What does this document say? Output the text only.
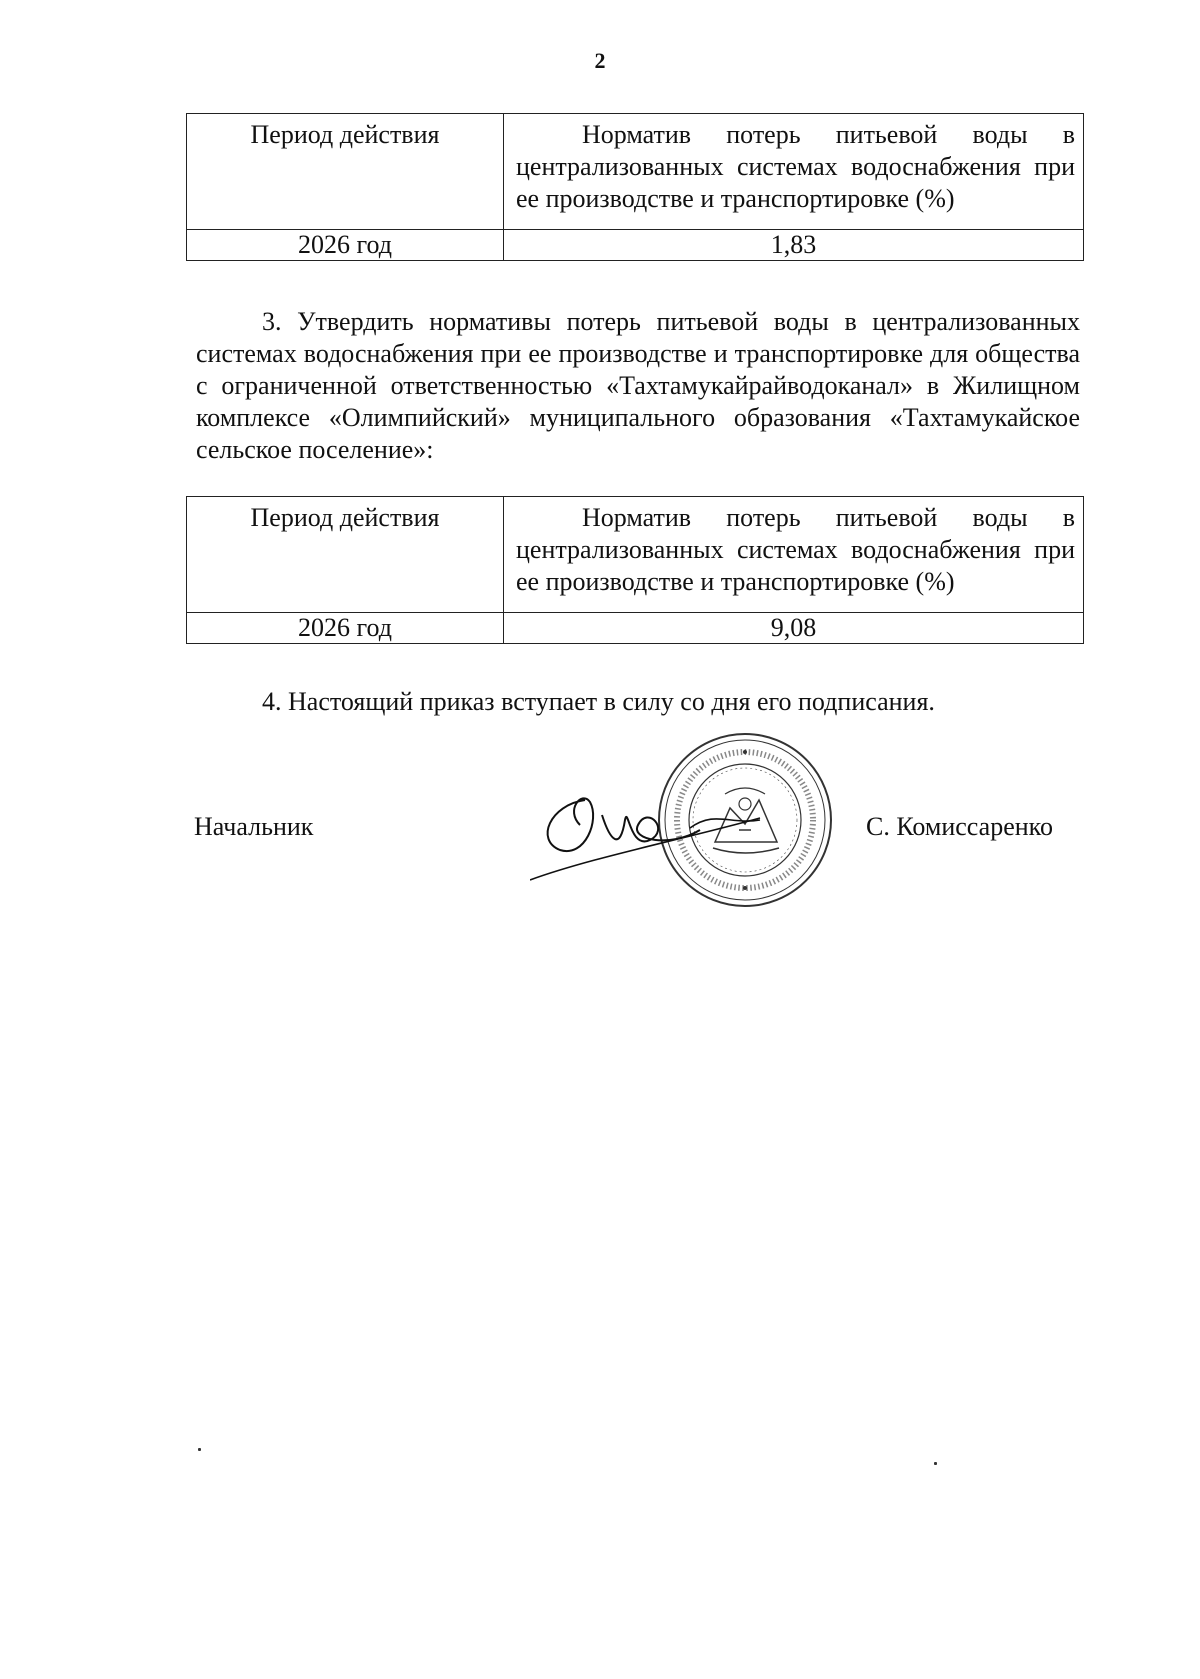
2
Период действия	Норматив потерь питьевой воды в централизованных системах водоснабжения при ее производстве и транспортировке (%)
2026 год	1,83
3. Утвердить нормативы потерь питьевой воды в централизованных системах водоснабжения при ее производстве и транспортировке для общества с ограниченной ответственностью «Тахтамукайрайводоканал» в Жилищном комплексе «Олимпийский» муниципального образования «Тахтамукайское сельское поселение»:
Период действия	Норматив потерь питьевой воды в централизованных системах водоснабжения при ее производстве и транспортировке (%)
2026 год	9,08
4. Настоящий приказ вступает в силу со дня его подписания.
Начальник	С. Комиссаренко
